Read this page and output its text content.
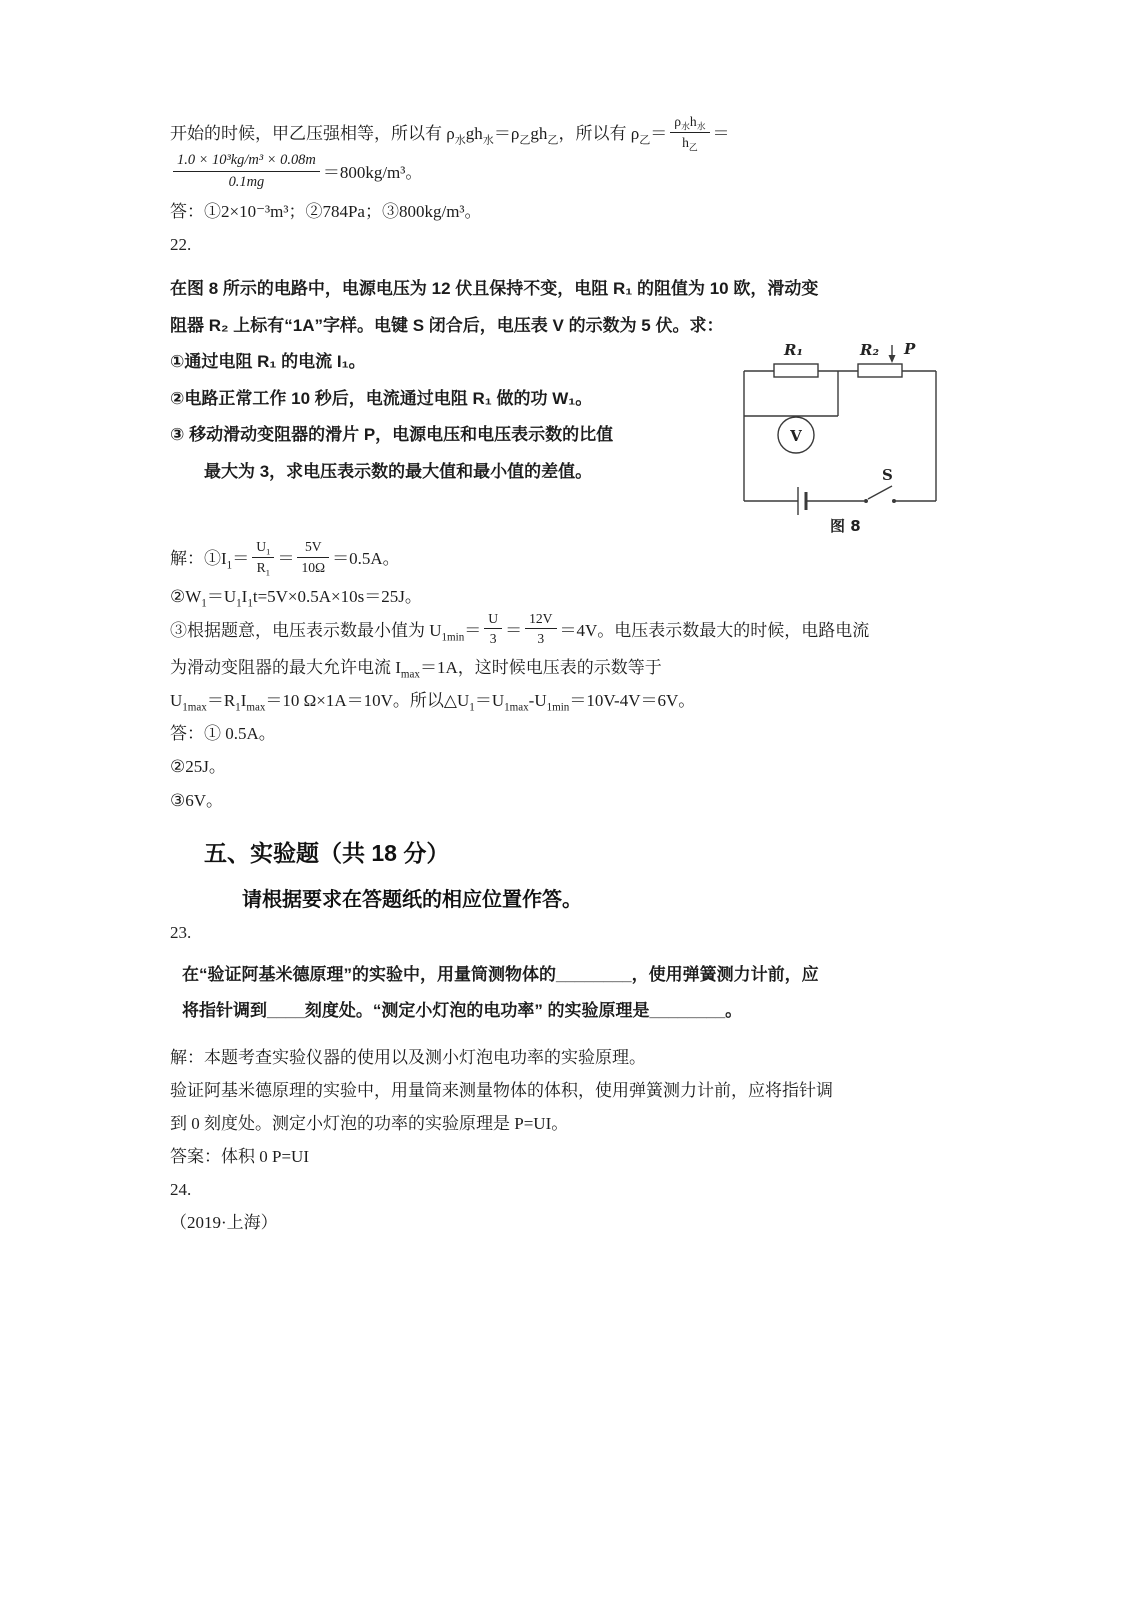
开始的时候，甲乙压强相等，所以有 $\rho_水gh_水=\rho_乙gh_乙$，所以有 $\rho_乙= \frac{\rho_水h_水}{h_乙}$ ＝

$\frac{\text{1.0 × 10³kg/m³ × 0.08m}}{0.1mg} =800kg/m^3$。

答：①2×10⁻³m³；②784Pa；③800kg/m³。

22.

在图 8 所示的电路中，电源电压为 12 伏且保持不变，电阻 R₁ 的阻值为 10 欧，滑动变

阻器 R₂ 上标有“1A”字样。电键 S 闭合后，电压表 V 的示数为 5 伏。求：

①通过电阻 R₁ 的电流 I₁。

②电路正常工作 10 秒后，电流通过电阻 R₁ 做的功 W₁。

③ 移动滑动变阻器的滑片 P，电源电压和电压表示数的比值

最大为 3，求电压表示数的最大值和最小值的差值。

R₁	R₂ P
V
S
图 8

解：$①I_1= \frac{U_1}{R_1} = \frac{5V}{10\Omega} =0.5A$。

$②W_1=U_1I_1t=5V\times 0.5A\times 10s=25J$。

③根据题意，电压表示数最小值为 $U_{1min}= \frac{U}{3} = \frac{12V}{3} =4V$。电压表示数最大的时候，电路电流

为滑动变阻器的最大允许电流 $I_{max}=1A$，这时候电压表的示数等于

$U_{1max}=R_1I_{max}=10$ Ω×1A＝10V。所以$\triangle U_1=U_{1max}-U_{1min}=10V-4V=6V$。

答：① 0.5A。

②25J。

③6V。

五、实验题（共 18 分）
请根据要求在答题纸的相应位置作答。

23.

在“验证阿基米德原理”的实验中，用量筒测物体的________，使用弹簧测力计前，应

将指针调到____刻度处。“测定小灯泡的电功率” 的实验原理是________。

解：本题考查实验仪器的使用以及测小灯泡电功率的实验原理。

验证阿基米德原理的实验中，用量筒来测量物体的体积，使用弹簧测力计前，应将指针调

到 0 刻度处。测定小灯泡的功率的实验原理是 P=UI。

答案：体积 0 P=UI

24.

（2019·上海）
